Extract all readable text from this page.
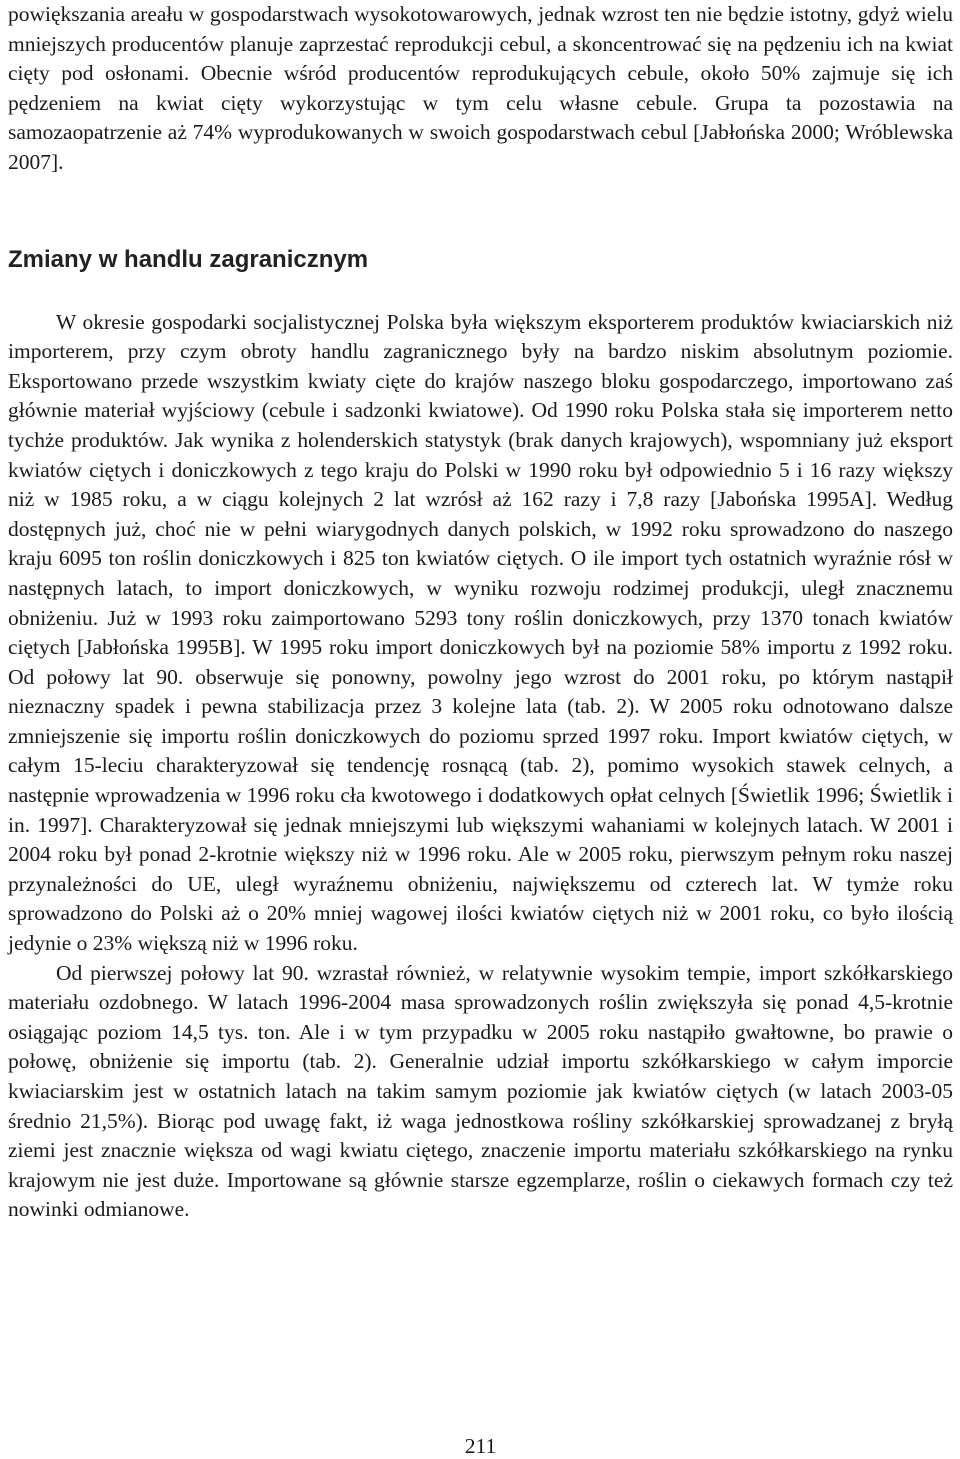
powiększania areału w gospodarstwach wysokotowarowych, jednak wzrost ten nie będzie istotny, gdyż wielu mniejszych producentów planuje zaprzestać reprodukcji cebul, a skoncentrować się na pędzeniu ich na kwiat cięty pod osłonami. Obecnie wśród producentów reprodukujących cebule, około 50% zajmuje się ich pędzeniem na kwiat cięty wykorzystując w tym celu własne cebule. Grupa ta pozostawia na samozaopatrzenie aż 74% wyprodukowanych w swoich gospodarstwach cebul [Jabłońska 2000; Wróblewska 2007].

Zmiany w handlu zagranicznym

W okresie gospodarki socjalistycznej Polska była większym eksporterem produktów kwiaciarskich niż importerem, przy czym obroty handlu zagranicznego były na bardzo niskim absolutnym poziomie. Eksportowano przede wszystkim kwiaty cięte do krajów naszego bloku gospodarczego, importowano zaś głównie materiał wyjściowy (cebule i sadzonki kwiatowe). Od 1990 roku Polska stała się importerem netto tychże produktów. Jak wynika z holenderskich statystyk (brak danych krajowych), wspomniany już eksport kwiatów ciętych i doniczkowych z tego kraju do Polski w 1990 roku był odpowiednio 5 i 16 razy większy niż w 1985 roku, a w ciągu kolejnych 2 lat wzrósł aż 162 razy i 7,8 razy [Jabońska 1995A]. Według dostępnych już, choć nie w pełni wiarygodnych danych polskich, w 1992 roku sprowadzono do naszego kraju 6095 ton roślin doniczkowych i 825 ton kwiatów ciętych. O ile import tych ostatnich wyraźnie rósł w następnych latach, to import doniczkowych, w wyniku rozwoju rodzimej produkcji, uległ znacznemu obniżeniu. Już w 1993 roku zaimportowano 5293 tony roślin doniczkowych, przy 1370 tonach kwiatów ciętych [Jabłońska 1995B]. W 1995 roku import doniczkowych był na poziomie 58% importu z 1992 roku. Od połowy lat 90. obserwuje się ponowny, powolny jego wzrost do 2001 roku, po którym nastąpił nieznaczny spadek i pewna stabilizacja przez 3 kolejne lata (tab. 2). W 2005 roku odnotowano dalsze zmniejszenie się importu roślin doniczkowych do poziomu sprzed 1997 roku. Import kwiatów ciętych, w całym 15-leciu charakteryzował się tendencję rosnącą (tab. 2), pomimo wysokich stawek celnych, a następnie wprowadzenia w 1996 roku cła kwotowego i dodatkowych opłat celnych [Świetlik 1996; Świetlik i in. 1997]. Charakteryzował się jednak mniejszymi lub większymi wahaniami w kolejnych latach. W 2001 i 2004 roku był ponad 2-krotnie większy niż w 1996 roku. Ale w 2005 roku, pierwszym pełnym roku naszej przynależności do UE, uległ wyraźnemu obniżeniu, największemu od czterech lat. W tymże roku sprowadzono do Polski aż o 20% mniej wagowej ilości kwiatów ciętych niż w 2001 roku, co było ilością jedynie o 23% większą niż w 1996 roku.

Od pierwszej połowy lat 90. wzrastał również, w relatywnie wysokim tempie, import szkółkarskiego materiału ozdobnego. W latach 1996-2004 masa sprowadzonych roślin zwiększyła się ponad 4,5-krotnie osiągając poziom 14,5 tys. ton. Ale i w tym przypadku w 2005 roku nastąpiło gwałtowne, bo prawie o połowę, obniżenie się importu (tab. 2). Generalnie udział importu szkółkarskiego w całym imporcie kwiaciarskim jest w ostatnich latach na takim samym poziomie jak kwiatów ciętych (w latach 2003-05 średnio 21,5%). Biorąc pod uwagę fakt, iż waga jednostkowa rośliny szkółkarskiej sprowadzanej z bryłą ziemi jest znacznie większa od wagi kwiatu ciętego, znaczenie importu materiału szkółkarskiego na rynku krajowym nie jest duże. Importowane są głównie starsze egzemplarze, roślin o ciekawych formach czy też nowinki odmianowe.

211
